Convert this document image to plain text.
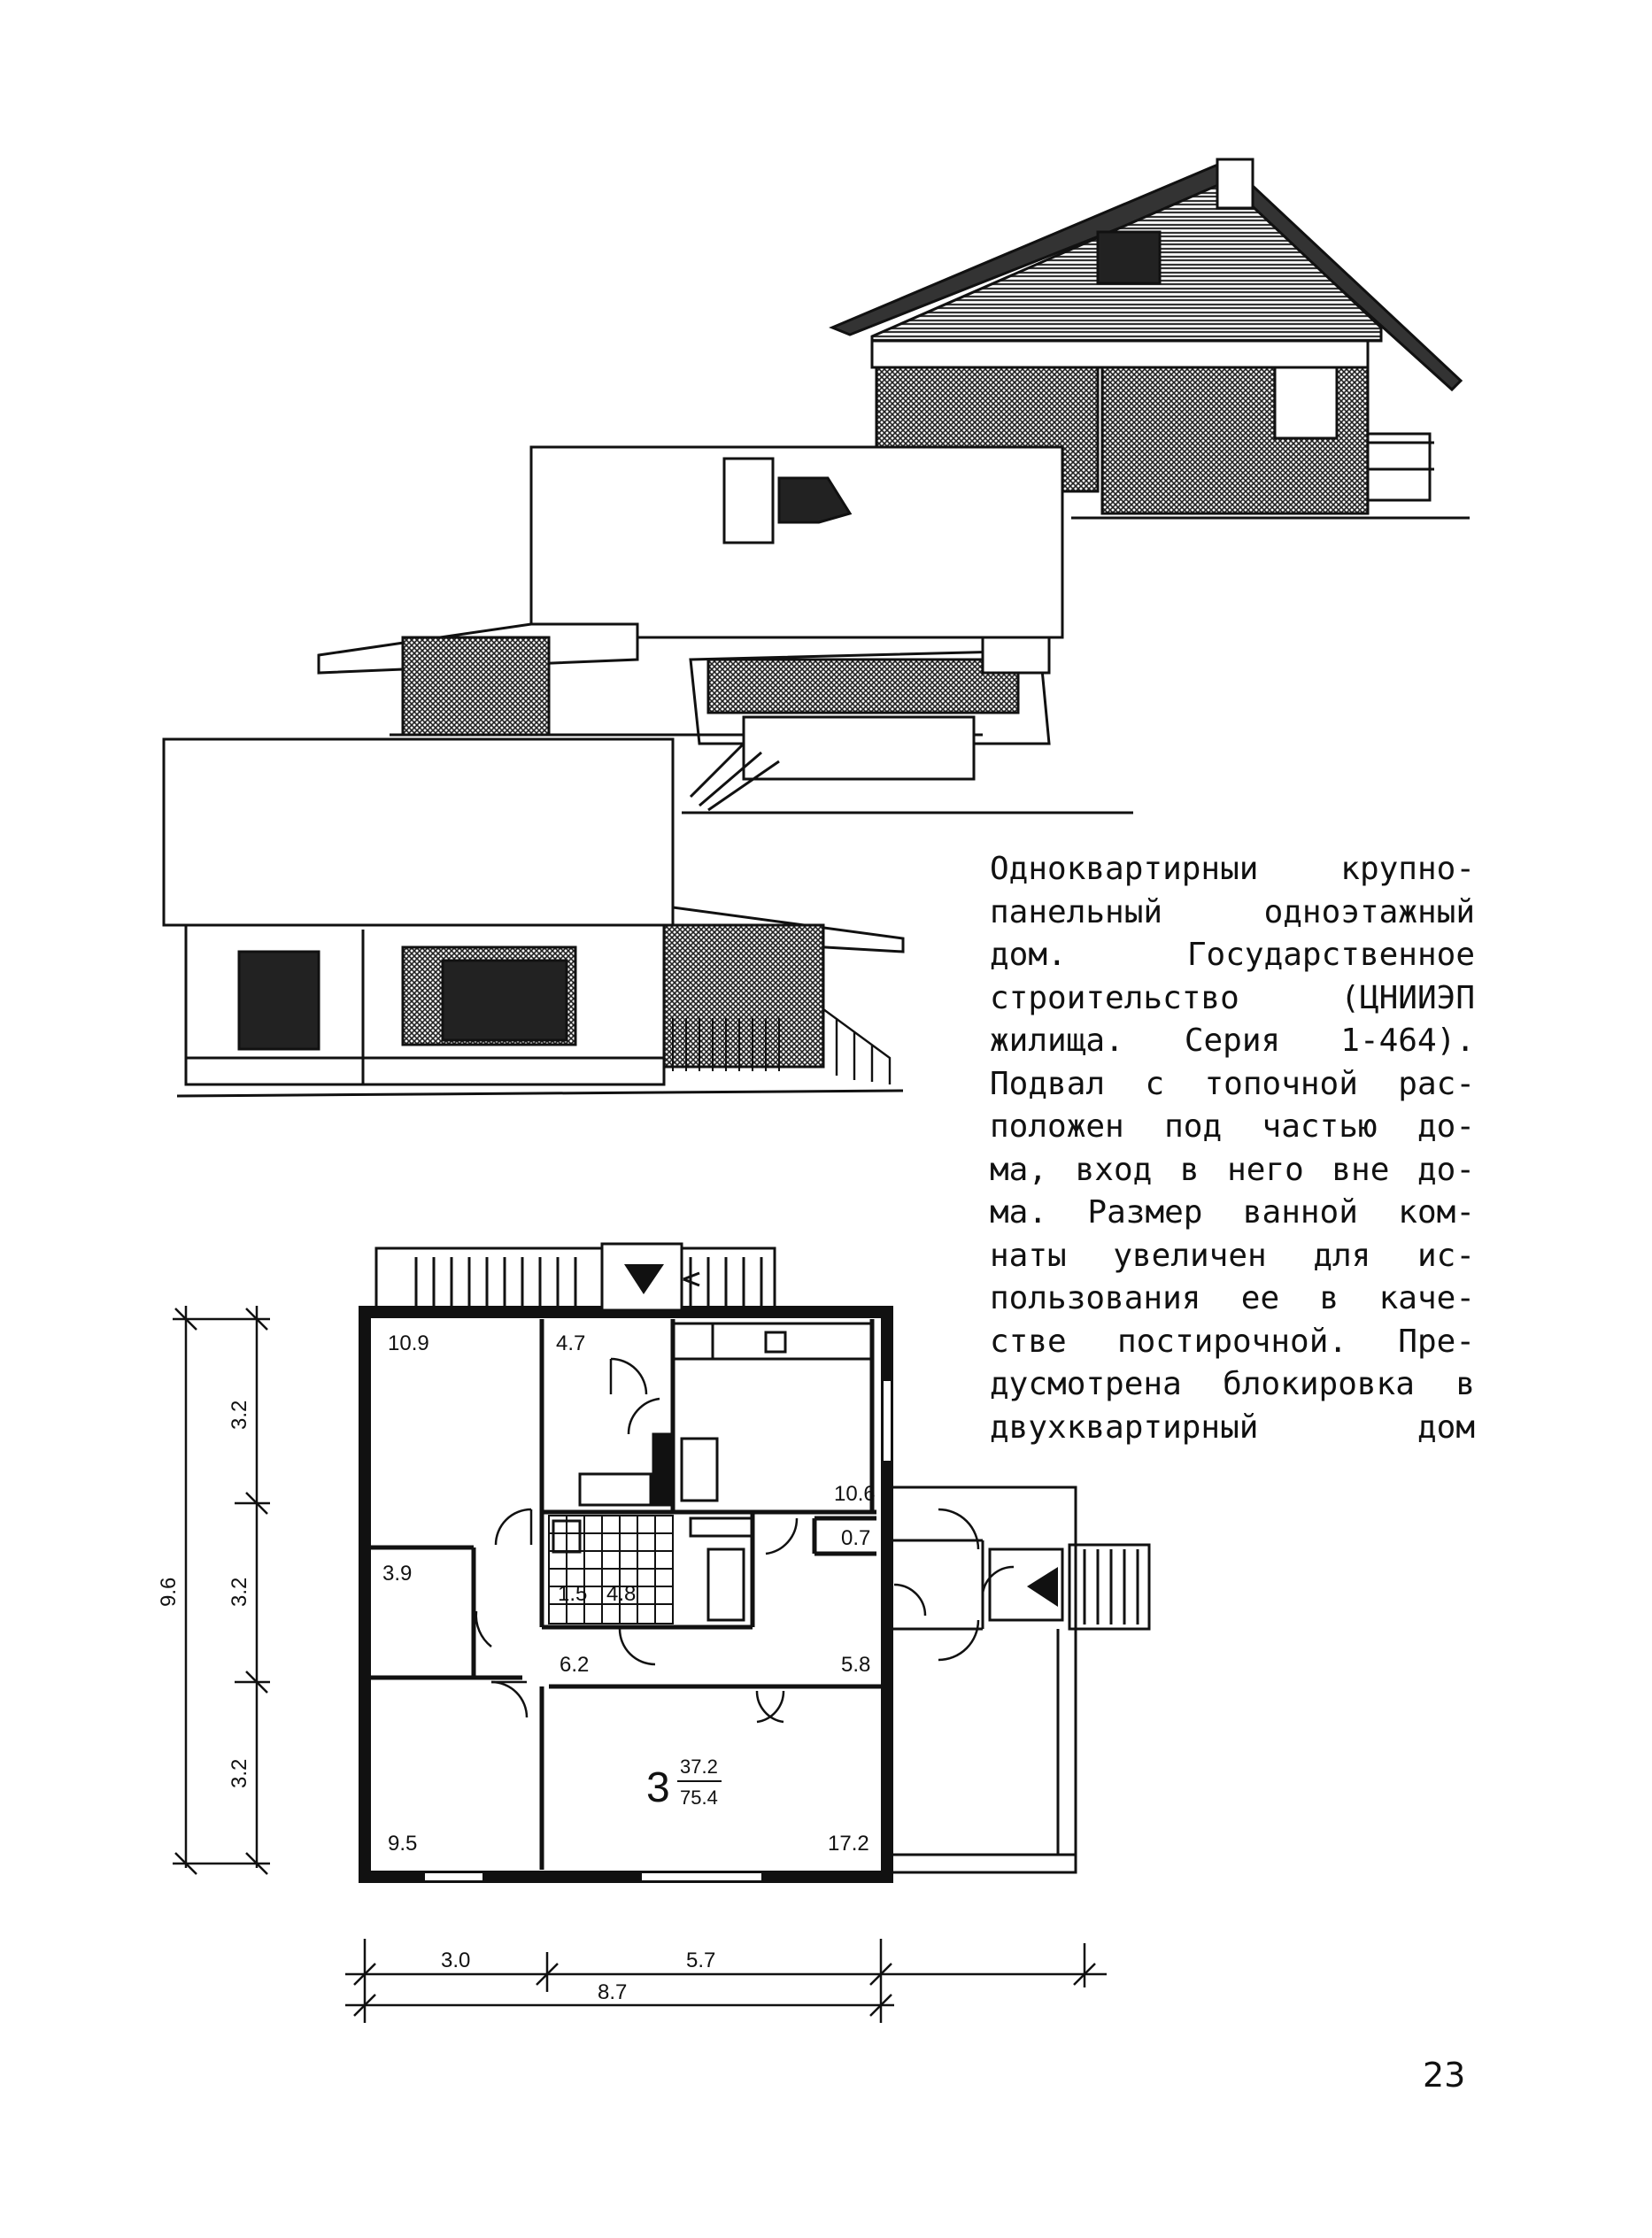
10.9	4.7
10.6
0.7
3.9
1.5 4.8
6.2	5.8
9.5	17.2
3 37.2
75.4
9.6
3.2
3.2
3.2
3.0	5.7
8.7
Одноквартирныи крупно-
панельный одноэтажный
дом. Государственное
строительство (ЦНИИЭП
жилища. Серия 1-464).
Подвал с топочной рас-
положен под частью до-
ма, вход в него вне до-
ма. Размер ванной ком-
наты увеличен для ис-
пользования ее в каче-
стве постирочной. Пре-
дусмотрена блокировка в
двухквартирный дом
23
